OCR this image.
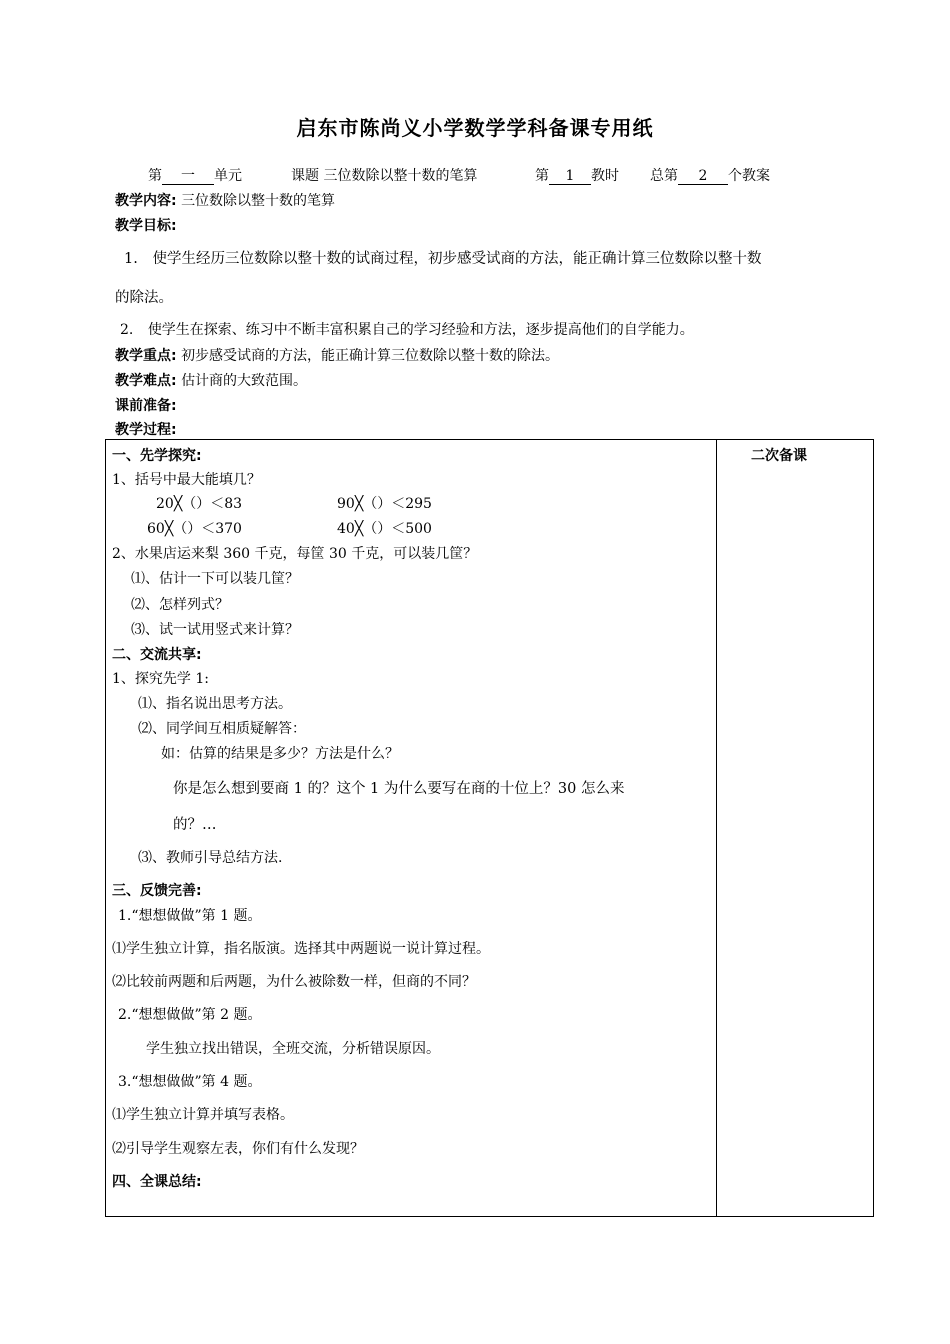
启东市陈尚义小学数学学科备课专用纸
第 一 单元	课题 三位数除以整十数的笔算	第 1 教时 总第 2 个教案
教学内容: 三位数除以整十数的笔算
教学目标:
1. 使学生经历三位数除以整十数的试商过程，初步感受试商的方法，能正确计算三位数除以整十数
的除法。
2. 使学生在探索、练习中不断丰富积累自己的学习经验和方法，逐步提高他们的自学能力。
教学重点: 初步感受试商的方法，能正确计算三位数除以整十数的除法。
教学难点: 估计商的大致范围。
课前准备:
教学过程:
二次备课
一、先学探究:
1、括号中最大能填几？
20╳（）＜83	90╳（）＜295
60╳（）＜370	40╳（）＜500
2、水果店运来梨 360 千克，每筐 30 千克，可以装几筐？
⑴、估计一下可以装几筐？
⑵、怎样列式？
⑶、试一试用竖式来计算？
二、交流共享:
1、探究先学 1:
⑴、指名说出思考方法。
⑵、同学间互相质疑解答：
如：估算的结果是多少？方法是什么？
你是怎么想到要商 1 的？这个 1 为什么要写在商的十位上？30 怎么来
的？…
⑶、教师引导总结方法.
三、反馈完善:
1.“想想做做”第 1 题。
⑴学生独立计算，指名版演。选择其中两题说一说计算过程。
⑵比较前两题和后两题，为什么被除数一样，但商的不同？
2.“想想做做”第 2 题。
学生独立找出错误，全班交流，分析错误原因。
3.“想想做做”第 4 题。
⑴学生独立计算并填写表格。
⑵引导学生观察左表，你们有什么发现？
四、全课总结:
